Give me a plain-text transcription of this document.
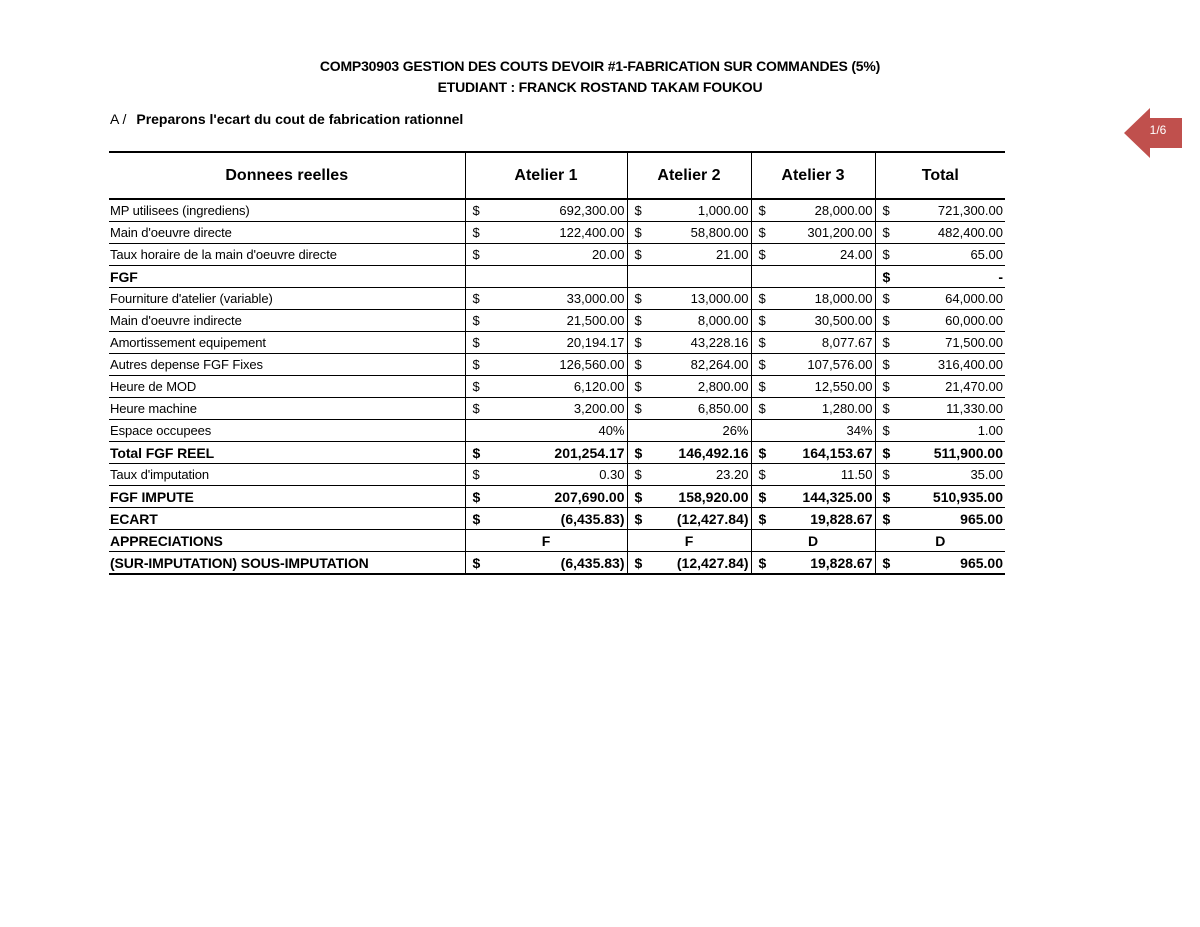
COMP30903 GESTION DES COUTS DEVOIR #1-FABRICATION SUR COMMANDES (5%)
ETUDIANT : FRANCK ROSTAND TAKAM FOUKOU
A / Preparons l'ecart du cout de fabrication rationnel
1/6
Donnees reelles	Atelier 1	Atelier 2	Atelier 3	Total
MP utilisees (ingrediens)	$ 692,300.00	$ 1,000.00	$ 28,000.00	$ 721,300.00

Main d'oeuvre directe	$ 122,400.00	$ 58,800.00	$ 301,200.00	$ 482,400.00

Taux horaire de la main d'oeuvre directe	$ 20.00	$ 21.00	$ 24.00	$ 65.00

FGF				$ -

Fourniture d'atelier (variable)	$ 33,000.00	$ 13,000.00	$ 18,000.00	$ 64,000.00

Main d'oeuvre indirecte	$ 21,500.00	$ 8,000.00	$ 30,500.00	$ 60,000.00

Amortissement equipement	$ 20,194.17	$ 43,228.16	$ 8,077.67	$ 71,500.00

Autres depense FGF Fixes	$ 126,560.00	$ 82,264.00	$ 107,576.00	$ 316,400.00

Heure de MOD	$ 6,120.00	$ 2,800.00	$ 12,550.00	$ 21,470.00

Heure machine	$ 3,200.00	$ 6,850.00	$ 1,280.00	$ 11,330.00

Espace occupees	40%	26%	34%	$ 1.00

Total FGF REEL	$ 201,254.17	$ 146,492.16	$ 164,153.67	$ 511,900.00

Taux d'imputation	$ 0.30	$ 23.20	$ 11.50	$ 35.00

FGF IMPUTE	$ 207,690.00	$ 158,920.00	$ 144,325.00	$ 510,935.00

ECART	$ (6,435.83)	$ (12,427.84)	$ 19,828.67	$ 965.00

APPRECIATIONS	F	F	D	D

(SUR-IMPUTATION) SOUS-IMPUTATION	$ (6,435.83)	$ (12,427.84)	$ 19,828.67	$ 965.00
